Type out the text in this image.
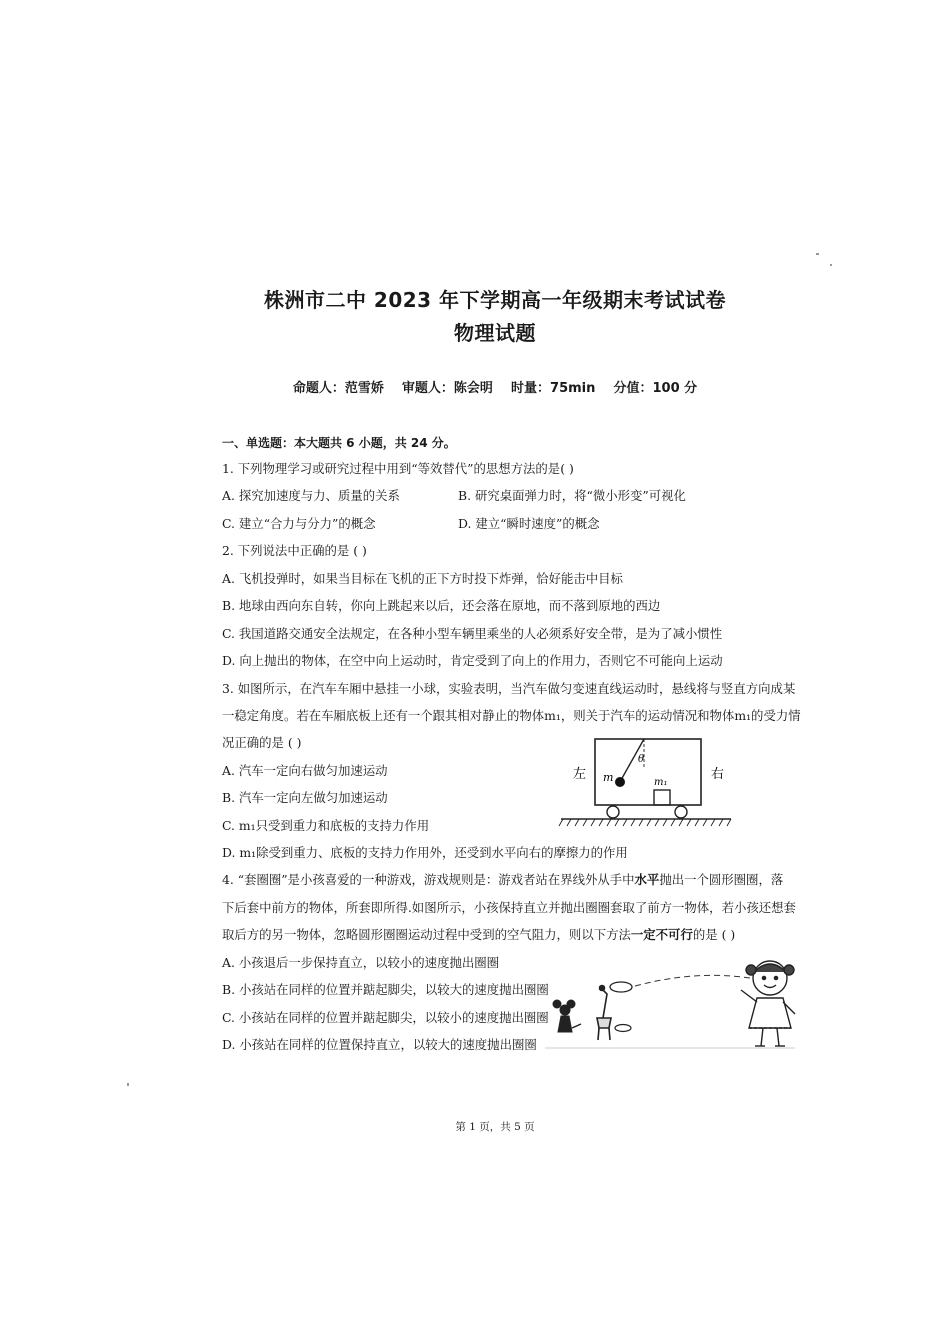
株洲市二中 2023 年下学期高一年级期末考试试卷
物理试题
命题人：范雪娇    审题人：陈会明    时量：75min    分值：100 分
一、单选题：本大题共 6 小题，共 24 分。
1. 下列物理学习或研究过程中用到“等效替代”的思想方法的是( )
A. 探究加速度与力、质量的关系	B. 研究桌面弹力时，将“微小形变”可视化
C. 建立“合力与分力”的概念	D. 建立“瞬时速度”的概念
2. 下列说法中正确的是 ( )
A. 飞机投弹时，如果当目标在飞机的正下方时投下炸弹，恰好能击中目标
B. 地球由西向东自转，你向上跳起来以后，还会落在原地，而不落到原地的西边
C. 我国道路交通安全法规定，在各种小型车辆里乘坐的人必须系好安全带，是为了减小惯性
D. 向上抛出的物体，在空中向上运动时，肯定受到了向上的作用力，否则它不可能向上运动
3. 如图所示，在汽车车厢中悬挂一小球，实验表明，当汽车做匀变速直线运动时，悬线将与竖直方向成某
一稳定角度。若在车厢底板上还有一个跟其相对静止的物体m₁，则关于汽车的运动情况和物体m₁的受力情
况正确的是 ( )
A. 汽车一定向右做匀加速运动
B. 汽车一定向左做匀加速运动
C. m₁只受到重力和底板的支持力作用
D. m₁除受到重力、底板的支持力作用外，还受到水平向右的摩擦力的作用
左	右
θ
m	m₁
4. “套圈圈”是小孩喜爱的一种游戏，游戏规则是：游戏者站在界线外从手中水平抛出一个圆形圈圈，落
下后套中前方的物体，所套即所得.如图所示，小孩保持直立并抛出圈圈套取了前方一物体，若小孩还想套
取后方的另一物体，忽略圆形圈圈运动过程中受到的空气阻力，则以下方法一定不可行的是 ( )
A. 小孩退后一步保持直立，以较小的速度抛出圈圈
B. 小孩站在同样的位置并踮起脚尖，以较大的速度抛出圈圈
C. 小孩站在同样的位置并踮起脚尖，以较小的速度抛出圈圈
D. 小孩站在同样的位置保持直立，以较大的速度抛出圈圈
第 1 页，共 5 页
